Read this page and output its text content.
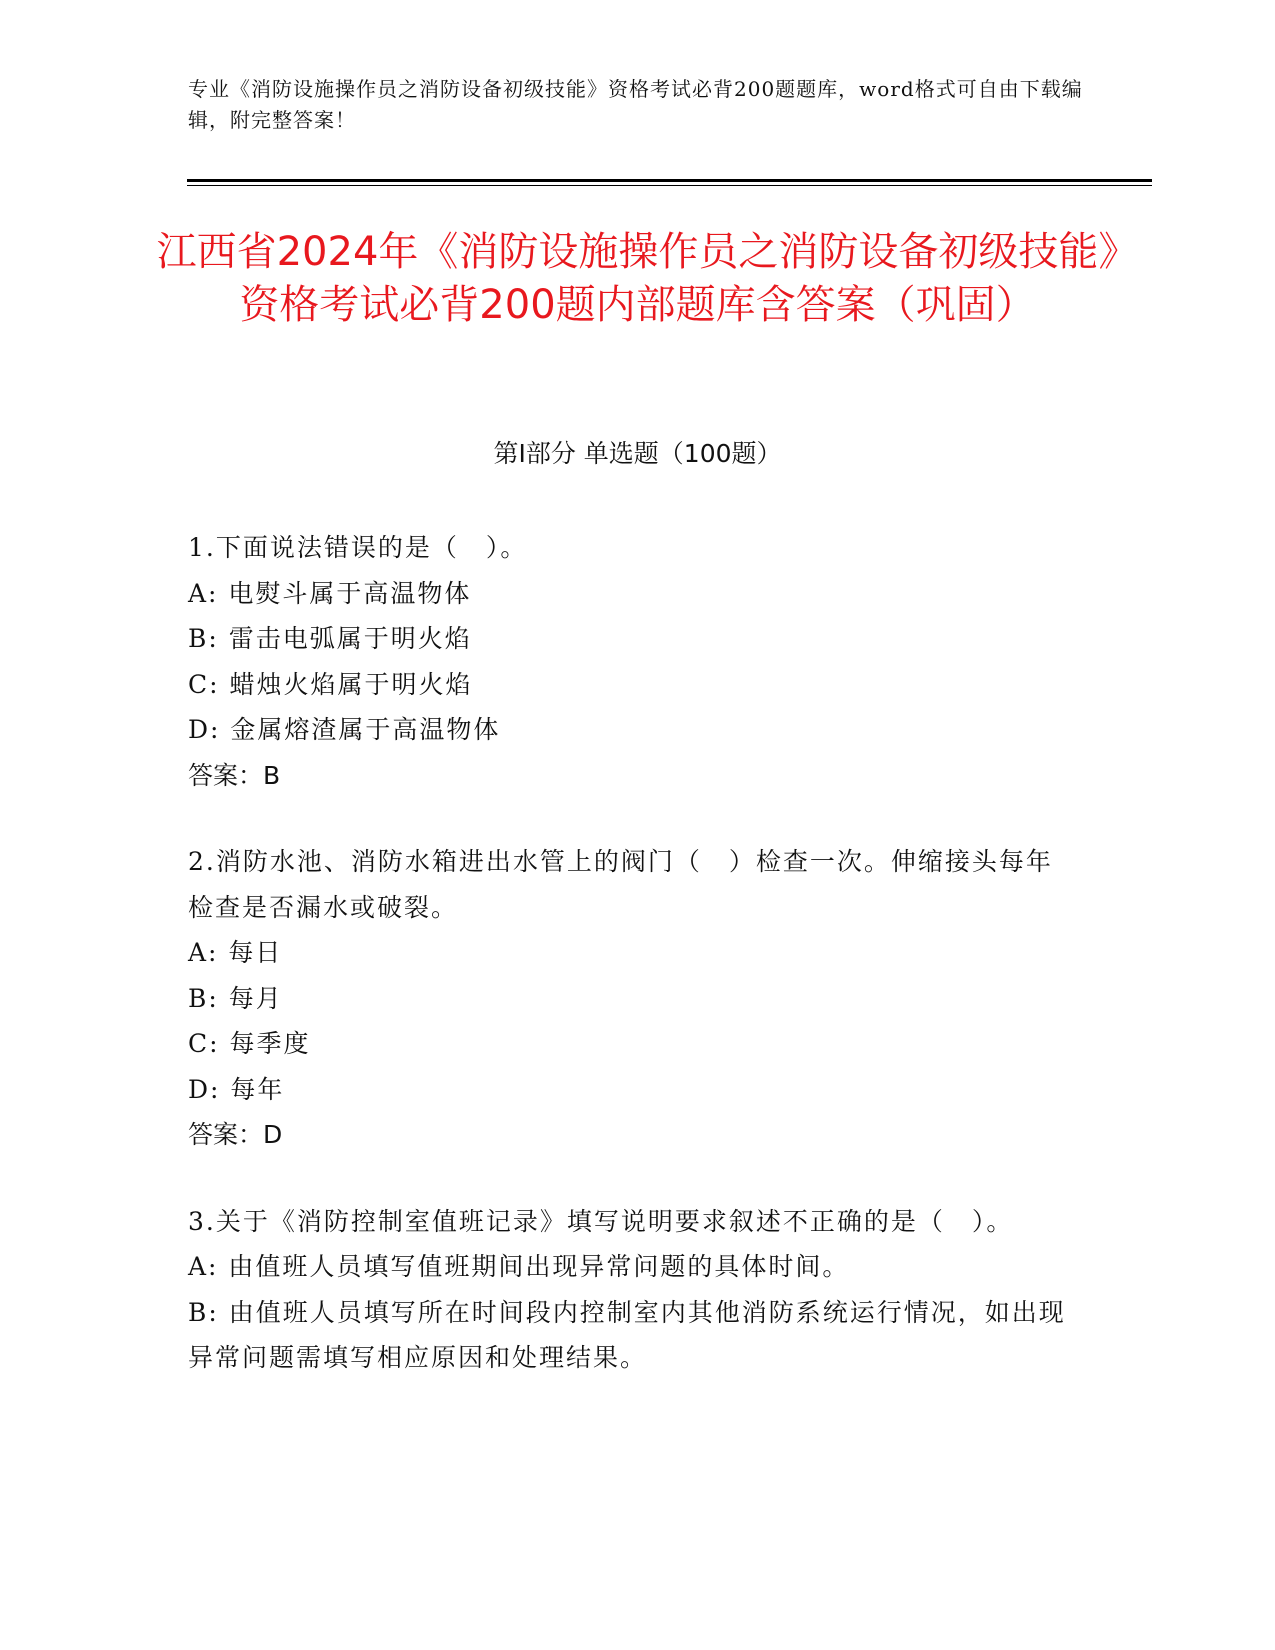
专业《消防设施操作员之消防设备初级技能》资格考试必背200题题库，word格式可自由下载编辑，附完整答案！
江西省2024年《消防设施操作员之消防设备初级技能》资格考试必背200题内部题库含答案（巩固）
第Ⅰ部分 单选题（100题）
1.下面说法错误的是（　）。
A: 电熨斗属于高温物体
B: 雷击电弧属于明火焰
C: 蜡烛火焰属于明火焰
D: 金属熔渣属于高温物体
答案：B
2.消防水池、消防水箱进出水管上的阀门（　）检查一次。伸缩接头每年检查是否漏水或破裂。
A: 每日
B: 每月
C: 每季度
D: 每年
答案：D
3.关于《消防控制室值班记录》填写说明要求叙述不正确的是（　）。
A: 由值班人员填写值班期间出现异常问题的具体时间。
B: 由值班人员填写所在时间段内控制室内其他消防系统运行情况，如出现异常问题需填写相应原因和处理结果。
